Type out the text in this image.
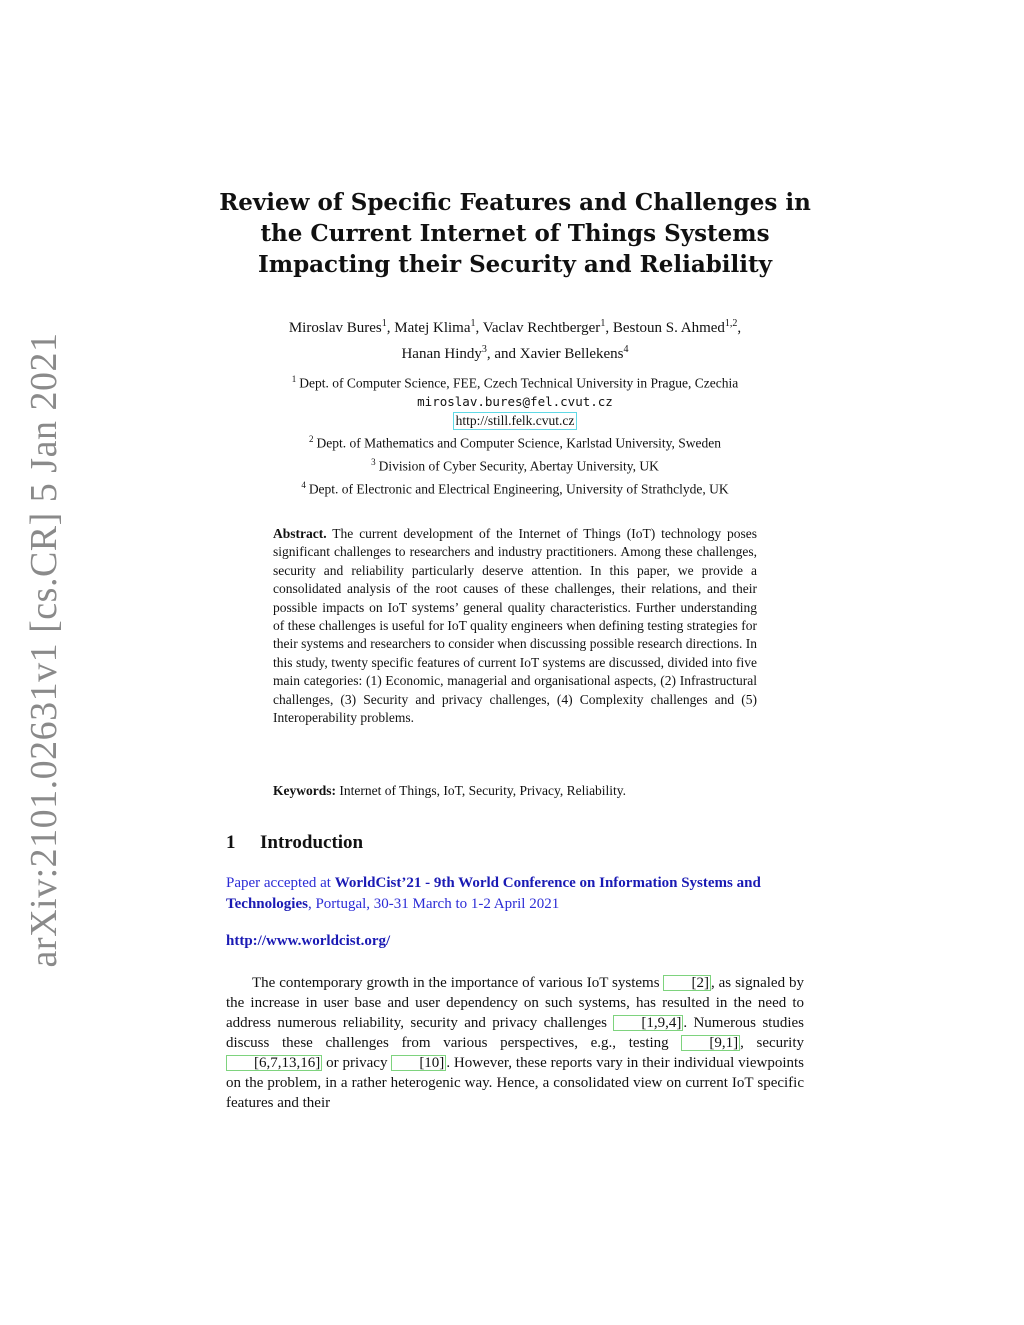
arXiv:2101.02631v1 [cs.CR] 5 Jan 2021
Review of Specific Features and Challenges in
the Current Internet of Things Systems
Impacting their Security and Reliability
Miroslav Bures$^1$, Matej Klima$^1$, Vaclav Rechtberger$^1$, Bestoun S. Ahmed$^{1,2}$,
Hanan Hindy$^3$, and Xavier Bellekens$^4$
$^1$ Dept. of Computer Science, FEE, Czech Technical University in Prague, Czechia
miroslav.bures@fel.cvut.cz
http://still.felk.cvut.cz
$^2$ Dept. of Mathematics and Computer Science, Karlstad University, Sweden
$^3$ Division of Cyber Security, Abertay University, UK
$^4$ Dept. of Electronic and Electrical Engineering, University of Strathclyde, UK
Abstract. The current development of the Internet of Things (IoT) technology poses significant challenges to researchers and industry practitioners. Among these challenges, security and reliability particularly deserve attention. In this paper, we provide a consolidated analysis of the root causes of these challenges, their relations, and their possible impacts on IoT systems’ general quality characteristics. Further understanding of these challenges is useful for IoT quality engineers when defining testing strategies for their systems and researchers to consider when discussing possible research directions. In this study, twenty specific features of current IoT systems are discussed, divided into five main categories: (1) Economic, managerial and organisational aspects, (2) Infrastructural challenges, (3) Security and privacy challenges, (4) Complexity challenges and (5) Interoperability problems.
Keywords: Internet of Things, IoT, Security, Privacy, Reliability.
1 Introduction
Paper accepted at WorldCist’21 - 9th World Conference on Information Systems and Technologies, Portugal, 30-31 March to 1-2 April 2021
http://www.worldcist.org/

The contemporary growth in the importance of various IoT systems [2] , as signaled by the increase in user base and user dependency on such systems, has resulted in the need to address numerous reliability, security and privacy challenges [1,9,4] . Numerous studies discuss these challenges from various perspectives, e.g., testing [9,1] , security [6,7,13,16] or privacy [10] . However, these reports vary in their individual viewpoints on the problem, in a rather heterogenic way. Hence, a consolidated view on current IoT specific features and their
